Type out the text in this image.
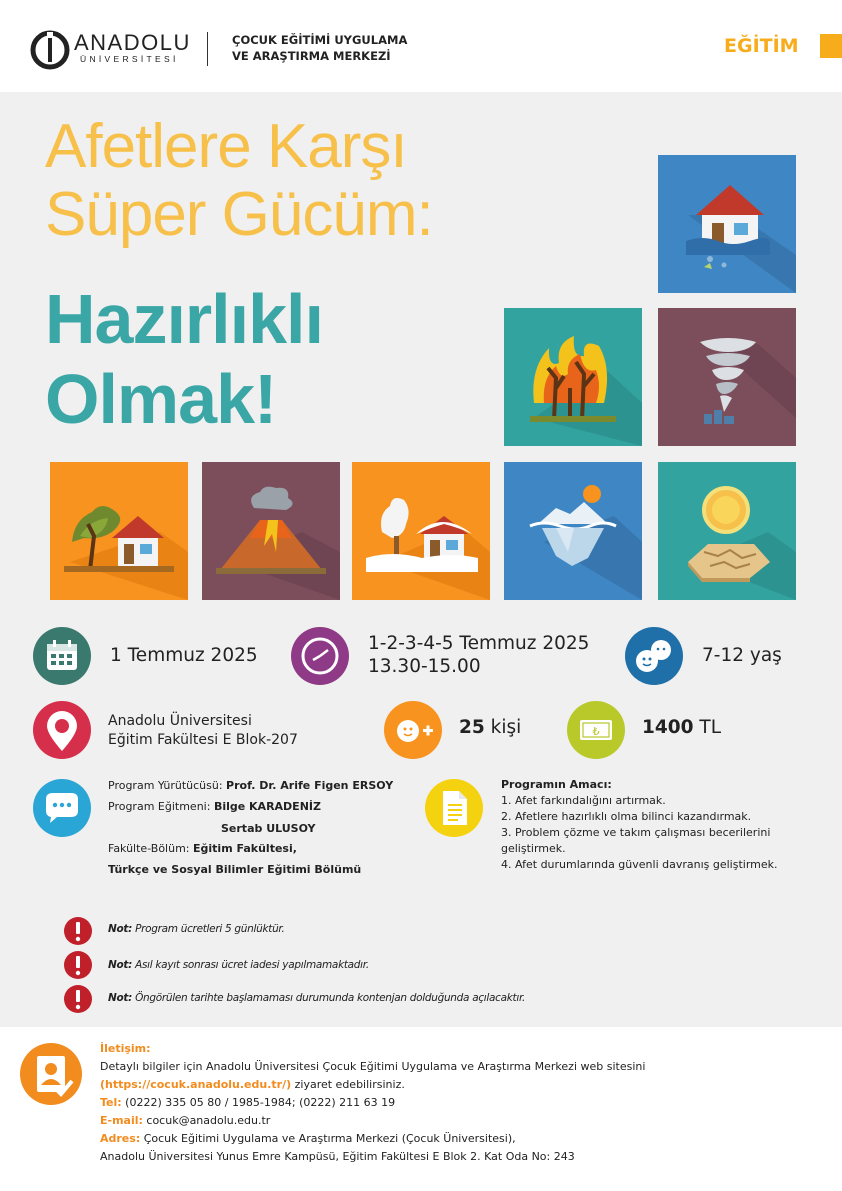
ANADOLU
ÜNİVERSİTESİ
ÇOCUK EĞİTİMİ UYGULAMA
VE ARAŞTIRMA MERKEZİ	EĞİTİM
Afetlere Karşı
Süper Gücüm:
Hazırlıklı
Olmak!
1 Temmuz 2025
1-2-3-4-5 Temmuz 2025
13.30-15.00
7-12 yaş
Anadolu Üniversitesi
Eğitim Fakültesi E Blok-207
25 kişi	₺ 1400 TL
Program Yürütücüsü: Prof. Dr. Arife Figen ERSOY
Program Eğitmeni: Bilge KARADENİZ
Sertab ULUSOY
Fakülte-Bölüm: Eğitim Fakültesi,
Türkçe ve Sosyal Bilimler Eğitimi Bölümü
Programın Amacı:
1. Afet farkındalığını artırmak.
2. Afetlere hazırlıklı olma bilinci kazandırmak.
3. Problem çözme ve takım çalışması becerilerini
geliştirmek.
4. Afet durumlarında güvenli davranış geliştirmek.
Not: Program ücretleri 5 günlüktür.
Not: Asıl kayıt sonrası ücret iadesi yapılmamaktadır.
Not: Öngörülen tarihte başlamaması durumunda kontenjan dolduğunda açılacaktır.
İletişim:
Detaylı bilgiler için Anadolu Üniversitesi Çocuk Eğitimi Uygulama ve Araştırma Merkezi web sitesini
(https://cocuk.anadolu.edu.tr/) ziyaret edebilirsiniz.
Tel: (0222) 335 05 80 / 1985-1984; (0222) 211 63 19
E-mail: cocuk@anadolu.edu.tr
Adres: Çocuk Eğitimi Uygulama ve Araştırma Merkezi (Çocuk Üniversitesi),
Anadolu Üniversitesi Yunus Emre Kampüsü, Eğitim Fakültesi E Blok 2. Kat Oda No: 243
